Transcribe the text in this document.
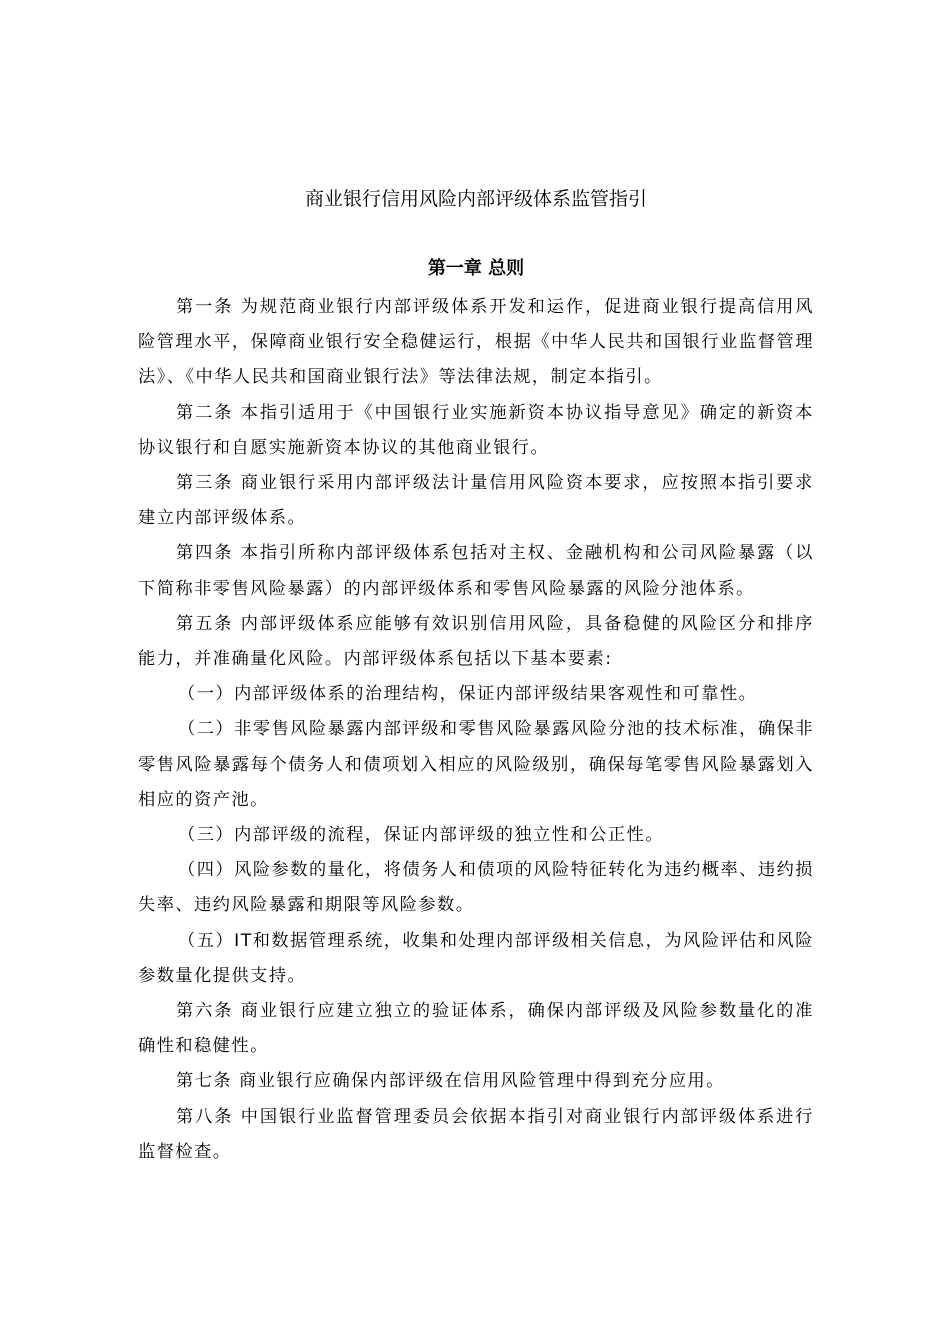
商业银行信用风险内部评级体系监管指引
第一章 总则

第一条 为规范商业银行内部评级体系开发和运作，促进商业银行提高信用风险管理水平，保障商业银行安全稳健运行，根据《中华人民共和国银行业监督管理法》、《中华人民共和国商业银行法》等法律法规，制定本指引。

第二条 本指引适用于《中国银行业实施新资本协议指导意见》确定的新资本协议银行和自愿实施新资本协议的其他商业银行。

第三条 商业银行采用内部评级法计量信用风险资本要求，应按照本指引要求建立内部评级体系。

第四条 本指引所称内部评级体系包括对主权、金融机构和公司风险暴露（以下简称非零售风险暴露）的内部评级体系和零售风险暴露的风险分池体系。

第五条 内部评级体系应能够有效识别信用风险，具备稳健的风险区分和排序能力，并准确量化风险。内部评级体系包括以下基本要素:

（一）内部评级体系的治理结构，保证内部评级结果客观性和可靠性。

（二）非零售风险暴露内部评级和零售风险暴露风险分池的技术标准，确保非零售风险暴露每个债务人和债项划入相应的风险级别，确保每笔零售风险暴露划入相应的资产池。

（三）内部评级的流程，保证内部评级的独立性和公正性。

（四）风险参数的量化，将债务人和债项的风险特征转化为违约概率、违约损失率、违约风险暴露和期限等风险参数。

（五）IT和数据管理系统，收集和处理内部评级相关信息，为风险评估和风险参数量化提供支持。

第六条 商业银行应建立独立的验证体系，确保内部评级及风险参数量化的准确性和稳健性。

第七条 商业银行应确保内部评级在信用风险管理中得到充分应用。

第八条 中国银行业监督管理委员会依据本指引对商业银行内部评级体系进行监督检查。
